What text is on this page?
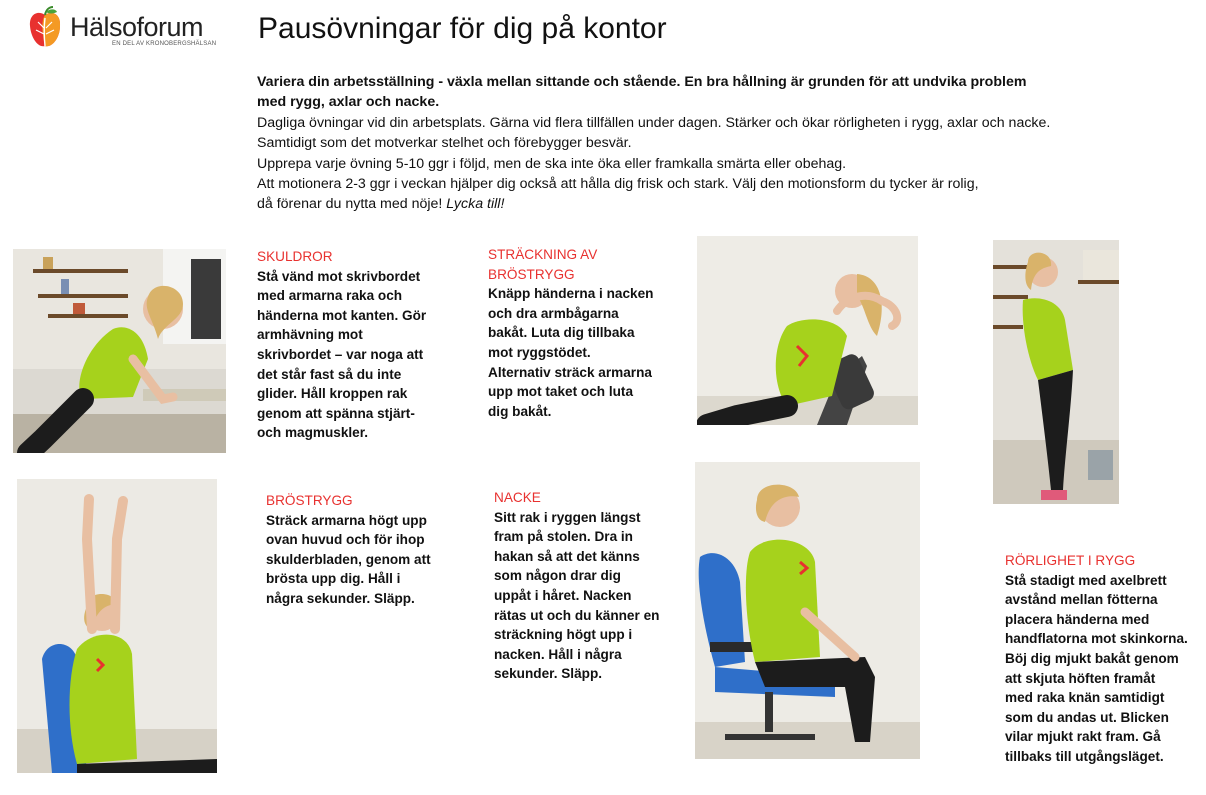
Hälsoforum
EN DEL AV KRONOBERGSHÄLSAN Pausövningar för dig på kontor

Variera din arbetsställning - växla mellan sittande och stående. En bra hållning är grunden för att undvika problem

med rygg, axlar och nacke.

Dagliga övningar vid din arbetsplats. Gärna vid flera tillfällen under dagen. Stärker och ökar rörligheten i rygg, axlar och nacke.

Samtidigt som det motverkar stelhet och förebygger besvär.

Upprepa varje övning 5-10 ggr i följd, men de ska inte öka eller framkalla smärta eller obehag.

Att motionera 2-3 ggr i veckan hjälper dig också att hålla dig frisk och stark. Välj den motionsform du tycker är rolig,

då förenar du nytta med nöje! Lycka till!

SKULDROR
Stå vänd mot skrivbordet
med armarna raka och
händerna mot kanten. Gör
armhävning mot
skrivbordet – var noga att
det står fast så du inte
glider. Håll kroppen rak
genom att spänna stjärt-
och magmuskler.
STRÄCKNING AV
BRÖSTRYGG
Knäpp händerna i nacken
och dra armbågarna
bakåt. Luta dig tillbaka
mot ryggstödet.
Alternativ sträck armarna
upp mot taket och luta
dig bakåt.
BRÖSTRYGG
Sträck armarna högt upp
ovan huvud och för ihop
skulderbladen, genom att
brösta upp dig. Håll i
några sekunder. Släpp.
NACKE
Sitt rak i ryggen längst
fram på stolen. Dra in
hakan så att det känns
som någon drar dig
uppåt i håret. Nacken
rätas ut och du känner en
sträckning högt upp i
nacken. Håll i några
sekunder. Släpp.
RÖRLIGHET I RYGG
Stå stadigt med axelbrett
avstånd mellan fötterna
placera händerna med
handflatorna mot skinkorna.
Böj dig mjukt bakåt genom
att skjuta höften framåt
med raka knän samtidigt
som du andas ut. Blicken
vilar mjukt rakt fram. Gå
tillbaks till utgångsläget.
